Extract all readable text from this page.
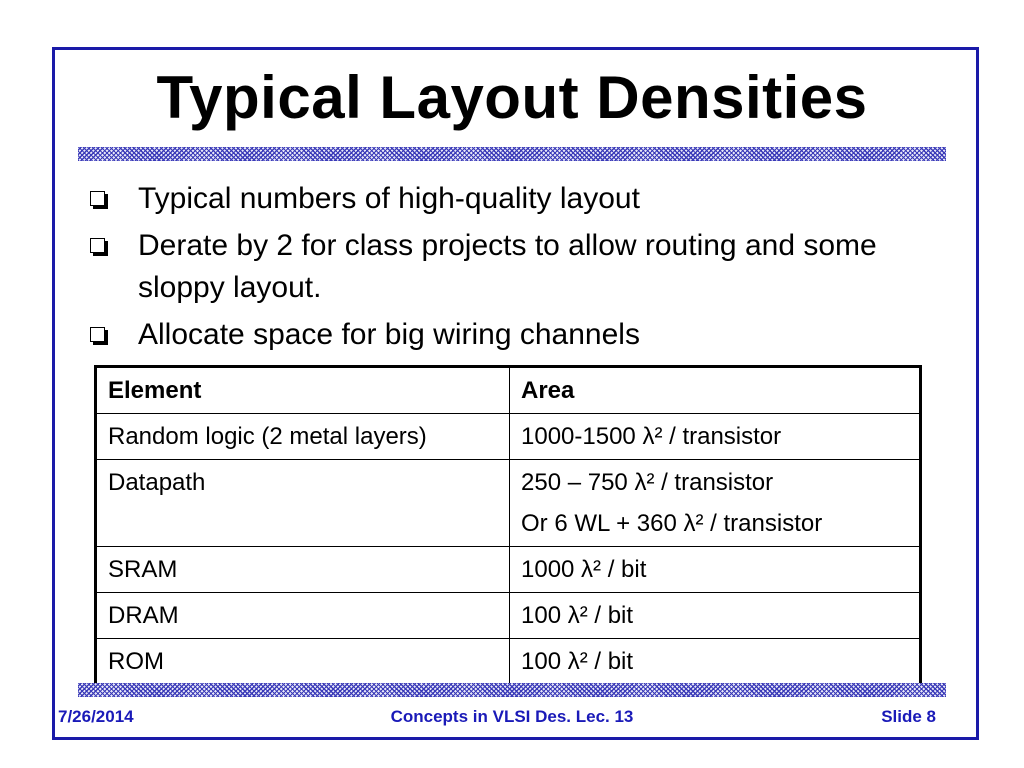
Typical Layout Densities
Typical numbers of high-quality layout
Derate by 2 for class projects to allow routing and some sloppy layout.
Allocate space for big wiring channels
Element	Area
Random logic (2 metal layers)	1000-1500 λ² / transistor

Datapath	250 – 750 λ² / transistor
Or 6 WL + 360 λ² / transistor

SRAM	1000 λ² / bit

DRAM	100 λ² / bit

ROM	100 λ² / bit
7/26/2014	Concepts in VLSI Des. Lec. 13	Slide 8
